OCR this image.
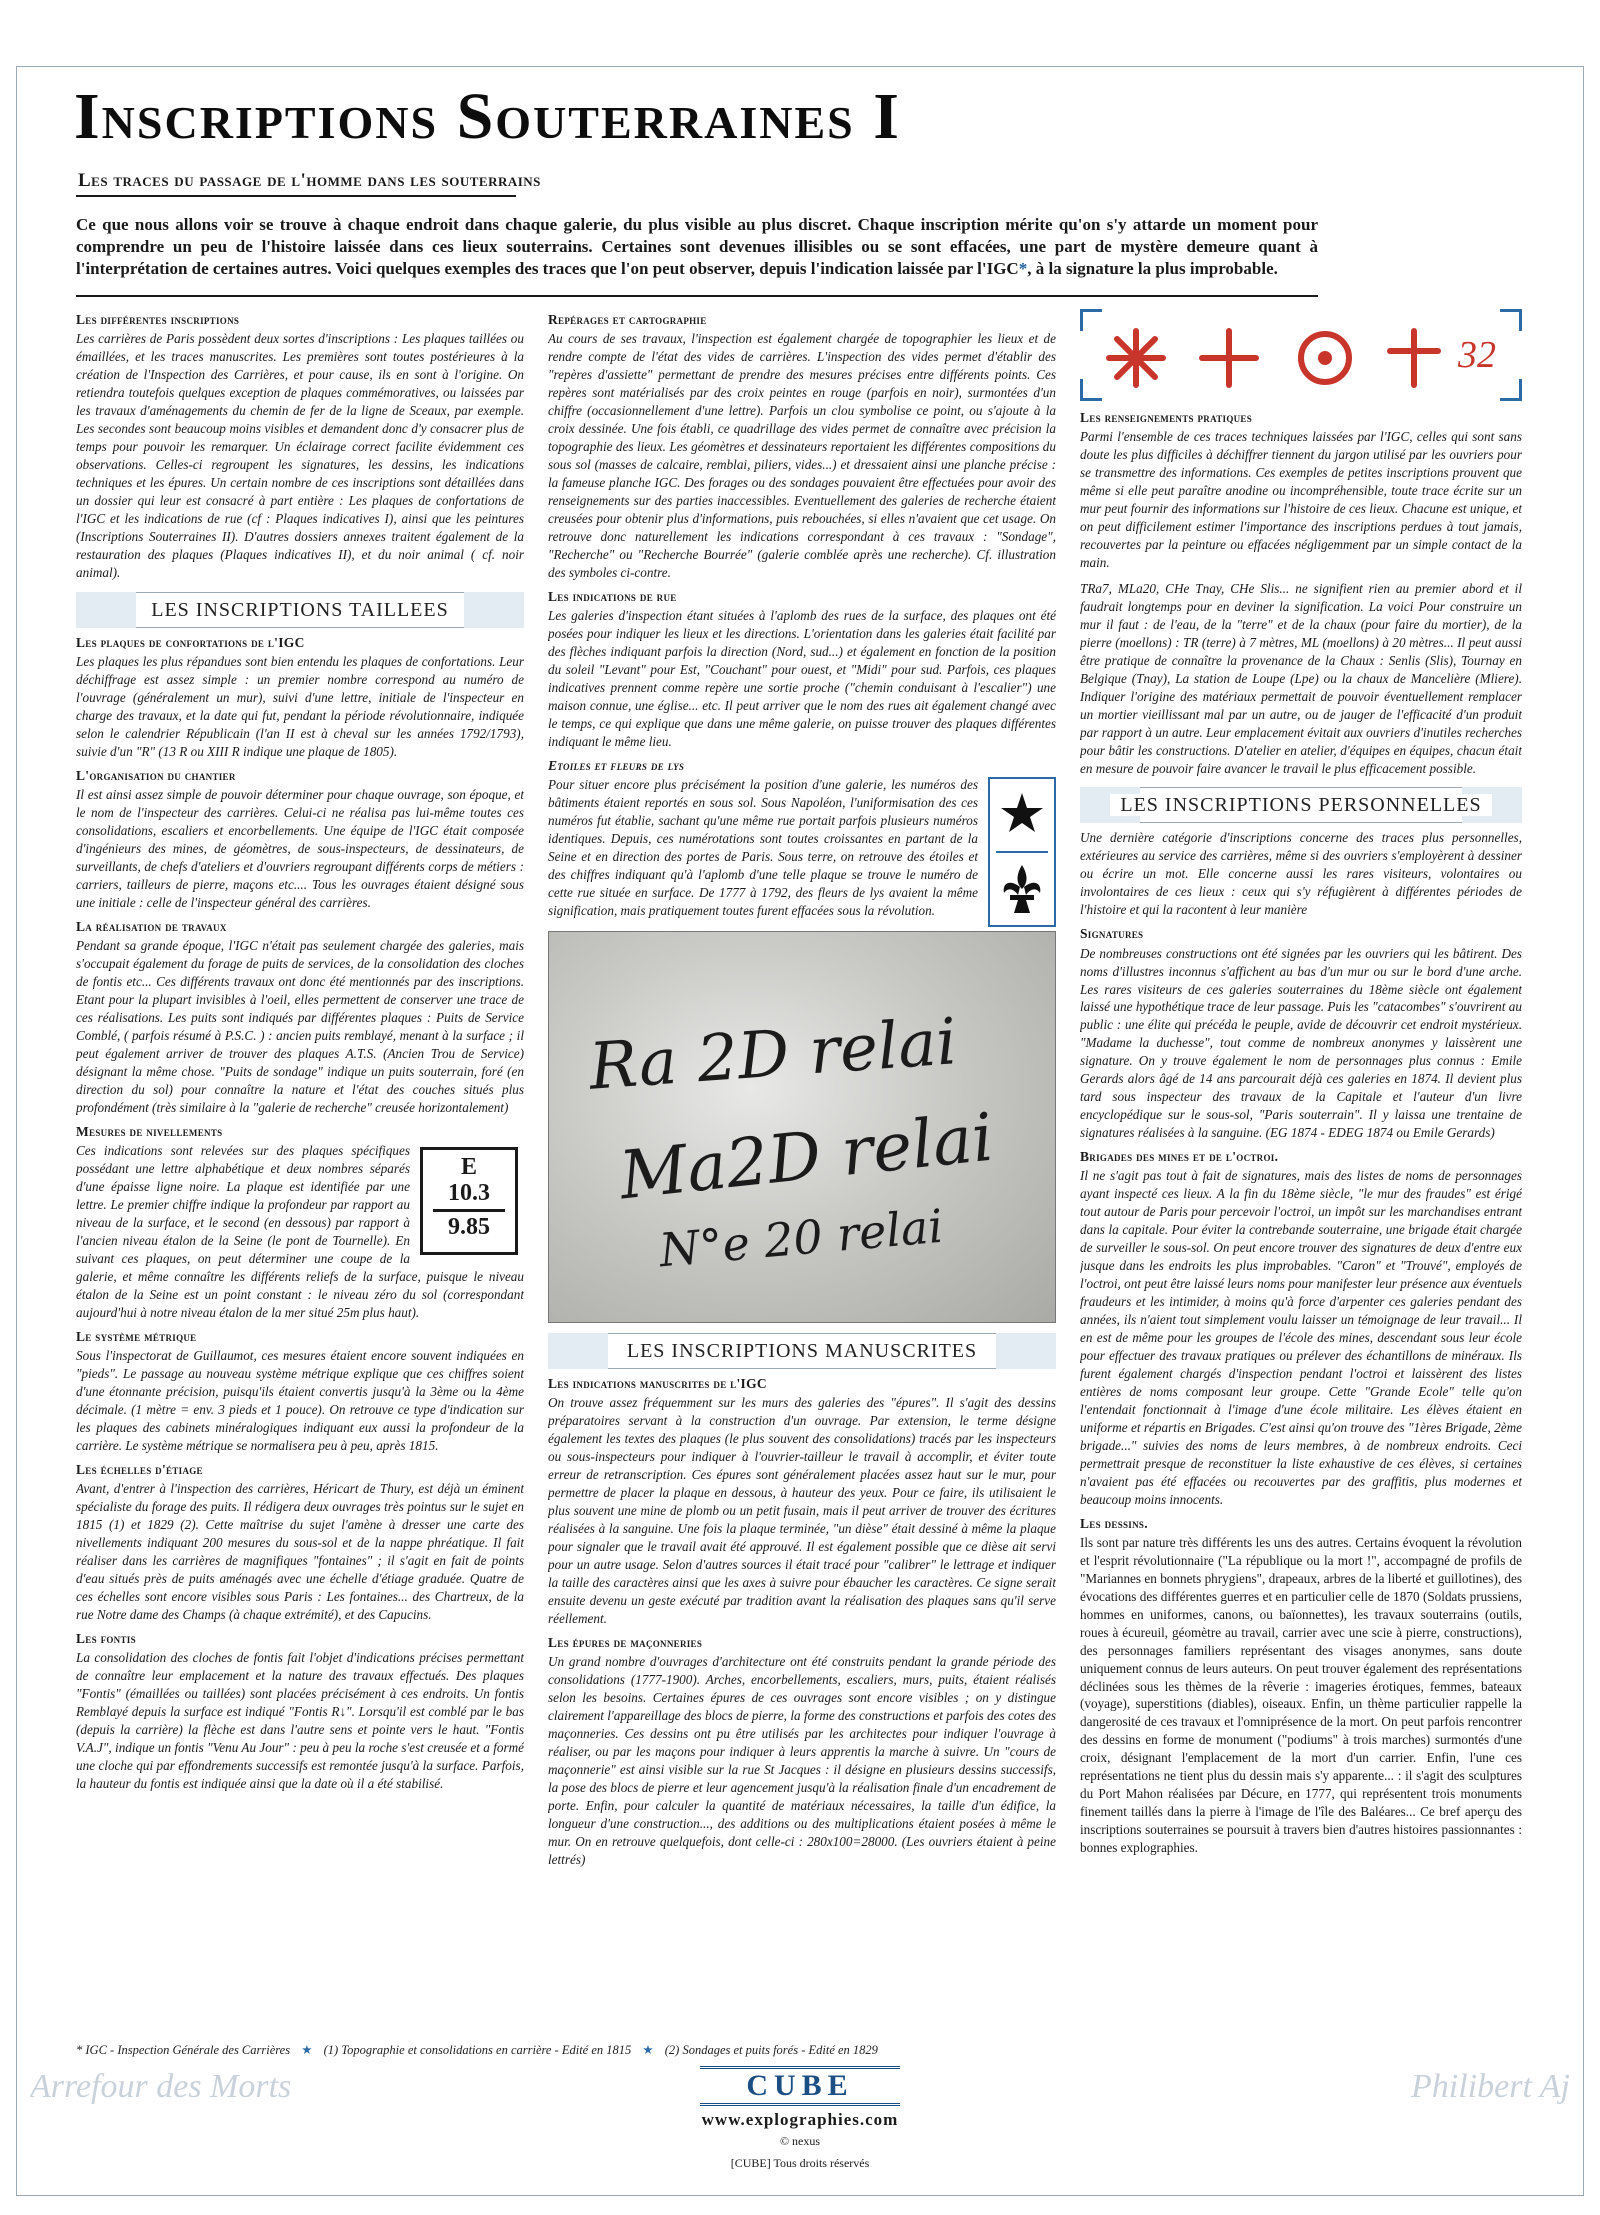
Inscriptions Souterraines I
Les traces du passage de l'homme dans les souterrains
Ce que nous allons voir se trouve à chaque endroit dans chaque galerie, du plus visible au plus discret. Chaque inscription mérite qu'on s'y attarde un moment pour comprendre un peu de l'histoire laissée dans ces lieux souterrains. Certaines sont devenues illisibles ou se sont effacées, une part de mystère demeure quant à l'interprétation de certaines autres. Voici quelques exemples des traces que l'on peut observer, depuis l'indication laissée par l'IGC*, à la signature la plus improbable.
Les différentes inscriptions
Les carrières de Paris possèdent deux sortes d'inscriptions : Les plaques taillées ou émaillées, et les traces manuscrites. Les premières sont toutes postérieures à la création de l'Inspection des Carrières, et pour cause, ils en sont à l'origine. On retiendra toutefois quelques exception de plaques commémoratives, ou laissées par les travaux d'aménagements du chemin de fer de la ligne de Sceaux, par exemple. Les secondes sont beaucoup moins visibles et demandent donc d'y consacrer plus de temps pour pouvoir les remarquer. Un éclairage correct facilite évidemment ces observations. Celles-ci regroupent les signatures, les dessins, les indications techniques et les épures. Un certain nombre de ces inscriptions sont détaillées dans un dossier qui leur est consacré à part entière : Les plaques de confortations de l'IGC et les indications de rue (cf : Plaques indicatives I), ainsi que les peintures (Inscriptions Souterraines II). D'autres dossiers annexes traitent également de la restauration des plaques (Plaques indicatives II), et du noir animal ( cf. noir animal).
LES INSCRIPTIONS TAILLEES
Les plaques de confortations de l'IGC
Les plaques les plus répandues sont bien entendu les plaques de confortations. Leur déchiffrage est assez simple : un premier nombre correspond au numéro de l'ouvrage (généralement un mur), suivi d'une lettre, initiale de l'inspecteur en charge des travaux, et la date qui fut, pendant la période révolutionnaire, indiquée selon le calendrier Républicain (l'an II est à cheval sur les années 1792/1793), suivie d'un "R" (13 R ou XIII R indique une plaque de 1805).
L'organisation du chantier
Il est ainsi assez simple de pouvoir déterminer pour chaque ouvrage, son époque, et le nom de l'inspecteur des carrières. Celui-ci ne réalisa pas lui-même toutes ces consolidations, escaliers et encorbellements. Une équipe de l'IGC était composée d'ingénieurs des mines, de géomètres, de sous-inspecteurs, de dessinateurs, de surveillants, de chefs d'ateliers et d'ouvriers regroupant différents corps de métiers : carriers, tailleurs de pierre, maçons etc.... Tous les ouvrages étaient désigné sous une initiale : celle de l'inspecteur général des carrières.
La réalisation de travaux
Pendant sa grande époque, l'IGC n'était pas seulement chargée des galeries, mais s'occupait également du forage de puits de services, de la consolidation des cloches de fontis etc... Ces différents travaux ont donc été mentionnés par des inscriptions. Etant pour la plupart invisibles à l'oeil, elles permettent de conserver une trace de ces réalisations. Les puits sont indiqués par différentes plaques : Puits de Service Comblé, ( parfois résumé à P.S.C. ) : ancien puits remblayé, menant à la surface ; il peut également arriver de trouver des plaques A.T.S. (Ancien Trou de Service) désignant la même chose. "Puits de sondage" indique un puits souterrain, foré (en direction du sol) pour connaître la nature et l'état des couches situés plus profondément (très similaire à la "galerie de recherche" creusée horizontalement)
Mesures de nivellements
E
10.3
9.85
Ces indications sont relevées sur des plaques spécifiques possédant une lettre alphabétique et deux nombres séparés d'une épaisse ligne noire. La plaque est identifiée par une lettre. Le premier chiffre indique la profondeur par rapport au niveau de la surface, et le second (en dessous) par rapport à l'ancien niveau étalon de la Seine (le pont de Tournelle). En suivant ces plaques, on peut déterminer une coupe de la galerie, et même connaître les différents reliefs de la surface, puisque le niveau étalon de la Seine est un point constant : le niveau zéro du sol (correspondant aujourd'hui à notre niveau étalon de la mer situé 25m plus haut).
Le système métrique
Sous l'inspectorat de Guillaumot, ces mesures étaient encore souvent indiquées en "pieds". Le passage au nouveau système métrique explique que ces chiffres soient d'une étonnante précision, puisqu'ils étaient convertis jusqu'à la 3ème ou la 4ème décimale. (1 mètre = env. 3 pieds et 1 pouce). On retrouve ce type d'indication sur les plaques des cabinets minéralogiques indiquant eux aussi la profondeur de la carrière. Le système métrique se normalisera peu à peu, après 1815.
Les échelles d'étiage
Avant, d'entrer à l'inspection des carrières, Héricart de Thury, est déjà un éminent spécialiste du forage des puits. Il rédigera deux ouvrages très pointus sur le sujet en 1815 (1) et 1829 (2). Cette maîtrise du sujet l'amène à dresser une carte des nivellements indiquant 200 mesures du sous-sol et de la nappe phréatique. Il fait réaliser dans les carrières de magnifiques "fontaines" ; il s'agit en fait de points d'eau situés près de puits aménagés avec une échelle d'étiage graduée. Quatre de ces échelles sont encore visibles sous Paris : Les fontaines... des Chartreux, de la rue Notre dame des Champs (à chaque extrémité), et des Capucins.
Les fontis
La consolidation des cloches de fontis fait l'objet d'indications précises permettant de connaître leur emplacement et la nature des travaux effectués. Des plaques "Fontis" (émaillées ou taillées) sont placées précisément à ces endroits. Un fontis Remblayé depuis la surface est indiqué "Fontis R↓". Lorsqu'il est comblé par le bas (depuis la carrière) la flèche est dans l'autre sens et pointe vers le haut. "Fontis V.A.J", indique un fontis "Venu Au Jour" : peu à peu la roche s'est creusée et a formé une cloche qui par effondrements successifs est remontée jusqu'à la surface. Parfois, la hauteur du fontis est indiquée ainsi que la date où il a été stabilisé.
Repérages et cartographie
Au cours de ses travaux, l'inspection est également chargée de topographier les lieux et de rendre compte de l'état des vides de carrières. L'inspection des vides permet d'établir des "repères d'assiette" permettant de prendre des mesures précises entre différents points. Ces repères sont matérialisés par des croix peintes en rouge (parfois en noir), surmontées d'un chiffre (occasionnellement d'une lettre). Parfois un clou symbolise ce point, ou s'ajoute à la croix dessinée. Une fois établi, ce quadrillage des vides permet de connaître avec précision la topographie des lieux. Les géomètres et dessinateurs reportaient les différentes compositions du sous sol (masses de calcaire, remblai, piliers, vides...) et dressaient ainsi une planche précise : la fameuse planche IGC. Des forages ou des sondages pouvaient être effectuées pour avoir des renseignements sur des parties inaccessibles. Eventuellement des galeries de recherche étaient creusées pour obtenir plus d'informations, puis rebouchées, si elles n'avaient que cet usage. On retrouve donc naturellement les indications correspondant à ces travaux : "Sondage", "Recherche" ou "Recherche Bourrée" (galerie comblée après une recherche). Cf. illustration des symboles ci-contre.
Les indications de rue
Les galeries d'inspection étant situées à l'aplomb des rues de la surface, des plaques ont été posées pour indiquer les lieux et les directions. L'orientation dans les galeries était facilité par des flèches indiquant parfois la direction (Nord, sud...) et également en fonction de la position du soleil "Levant" pour Est, "Couchant" pour ouest, et "Midi" pour sud. Parfois, ces plaques indicatives prennent comme repère une sortie proche ("chemin conduisant à l'escalier") une maison connue, une église... etc. Il peut arriver que le nom des rues ait également changé avec le temps, ce qui explique que dans une même galerie, on puisse trouver des plaques différentes indiquant le même lieu.
Etoiles et fleurs de lys
Pour situer encore plus précisément la position d'une galerie, les numéros des bâtiments étaient reportés en sous sol. Sous Napoléon, l'uniformisation des ces numéros fut établie, sachant qu'une même rue portait parfois plusieurs numéros identiques. Depuis, ces numérotations sont toutes croissantes en partant de la Seine et en direction des portes de Paris. Sous terre, on retrouve des étoiles et des chiffres indiquant qu'à l'aplomb d'une telle plaque se trouve le numéro de cette rue située en surface. De 1777 à 1792, des fleurs de lys avaient la même signification, mais pratiquement toutes furent effacées sous la révolution.
Ra 2D relai
Ma2D relai
N°e 20 relai
LES INSCRIPTIONS MANUSCRITES
Les indications manuscrites de l'IGC
On trouve assez fréquemment sur les murs des galeries des "épures". Il s'agit des dessins préparatoires servant à la construction d'un ouvrage. Par extension, le terme désigne également les textes des plaques (le plus souvent des consolidations) tracés par les inspecteurs ou sous-inspecteurs pour indiquer à l'ouvrier-tailleur le travail à accomplir, et éviter toute erreur de retranscription. Ces épures sont généralement placées assez haut sur le mur, pour permettre de placer la plaque en dessous, à hauteur des yeux. Pour ce faire, ils utilisaient le plus souvent une mine de plomb ou un petit fusain, mais il peut arriver de trouver des écritures réalisées à la sanguine. Une fois la plaque terminée, "un dièse" était dessiné à même la plaque pour signaler que le travail avait été approuvé. Il est également possible que ce dièse ait servi pour un autre usage. Selon d'autres sources il était tracé pour "calibrer" le lettrage et indiquer la taille des caractères ainsi que les axes à suivre pour ébaucher les caractères. Ce signe serait ensuite devenu un geste exécuté par tradition avant la réalisation des plaques sans qu'il serve réellement.
Les épures de maçonneries
Un grand nombre d'ouvrages d'architecture ont été construits pendant la grande période des consolidations (1777-1900). Arches, encorbellements, escaliers, murs, puits, étaient réalisés selon les besoins. Certaines épures de ces ouvrages sont encore visibles ; on y distingue clairement l'appareillage des blocs de pierre, la forme des constructions et parfois des cotes des maçonneries. Ces dessins ont pu être utilisés par les architectes pour indiquer l'ouvrage à réaliser, ou par les maçons pour indiquer à leurs apprentis la marche à suivre. Un "cours de maçonnerie" est ainsi visible sur la rue St Jacques : il désigne en plusieurs dessins successifs, la pose des blocs de pierre et leur agencement jusqu'à la réalisation finale d'un encadrement de porte. Enfin, pour calculer la quantité de matériaux nécessaires, la taille d'un édifice, la longueur d'une construction..., des additions ou des multiplications étaient posées à même le mur. On en retrouve quelquefois, dont celle-ci : 280x100=28000. (Les ouvriers étaient à peine lettrés)
32
Les renseignements pratiques
Parmi l'ensemble de ces traces techniques laissées par l'IGC, celles qui sont sans doute les plus difficiles à déchiffrer tiennent du jargon utilisé par les ouvriers pour se transmettre des informations. Ces exemples de petites inscriptions prouvent que même si elle peut paraître anodine ou incompréhensible, toute trace écrite sur un mur peut fournir des informations sur l'histoire de ces lieux. Chacune est unique, et on peut difficilement estimer l'importance des inscriptions perdues à tout jamais, recouvertes par la peinture ou effacées négligemment par un simple contact de la main.
TRa7, MLa20, CHe Tnay, CHe Slis... ne signifient rien au premier abord et il faudrait longtemps pour en deviner la signification. La voici Pour construire un mur il faut : de l'eau, de la "terre" et de la chaux (pour faire du mortier), de la pierre (moellons) : TR (terre) à 7 mètres, ML (moellons) à 20 mètres... Il peut aussi être pratique de connaître la provenance de la Chaux : Senlis (Slis), Tournay en Belgique (Tnay), La station de Loupe (Lpe) ou la chaux de Mancelière (Mliere). Indiquer l'origine des matériaux permettait de pouvoir éventuellement remplacer un mortier vieillissant mal par un autre, ou de jauger de l'efficacité d'un produit par rapport à un autre. Leur emplacement évitait aux ouvriers d'inutiles recherches pour bâtir les constructions. D'atelier en atelier, d'équipes en équipes, chacun était en mesure de pouvoir faire avancer le travail le plus efficacement possible.
LES INSCRIPTIONS PERSONNELLES
Une dernière catégorie d'inscriptions concerne des traces plus personnelles, extérieures au service des carrières, même si des ouvriers s'employèrent à dessiner ou écrire un mot. Elle concerne aussi les rares visiteurs, volontaires ou involontaires de ces lieux : ceux qui s'y réfugièrent à différentes périodes de l'histoire et qui la racontent à leur manière
Signatures
De nombreuses constructions ont été signées par les ouvriers qui les bâtirent. Des noms d'illustres inconnus s'affichent au bas d'un mur ou sur le bord d'une arche. Les rares visiteurs de ces galeries souterraines du 18ème siècle ont également laissé une hypothétique trace de leur passage. Puis les "catacombes" s'ouvrirent au public : une élite qui précéda le peuple, avide de découvrir cet endroit mystérieux. "Madame la duchesse", tout comme de nombreux anonymes y laissèrent une signature. On y trouve également le nom de personnages plus connus : Emile Gerards alors âgé de 14 ans parcourait déjà ces galeries en 1874. Il devient plus tard sous inspecteur des travaux de la Capitale et l'auteur d'un livre encyclopédique sur le sous-sol, "Paris souterrain". Il y laissa une trentaine de signatures réalisées à la sanguine. (EG 1874 - EDEG 1874 ou Emile Gerards)
Brigades des mines et de l'octroi.
Il ne s'agit pas tout à fait de signatures, mais des listes de noms de personnages ayant inspecté ces lieux. A la fin du 18ème siècle, "le mur des fraudes" est érigé tout autour de Paris pour percevoir l'octroi, un impôt sur les marchandises entrant dans la capitale. Pour éviter la contrebande souterraine, une brigade était chargée de surveiller le sous-sol. On peut encore trouver des signatures de deux d'entre eux jusque dans les endroits les plus improbables. "Caron" et "Trouvé", employés de l'octroi, ont peut être laissé leurs noms pour manifester leur présence aux éventuels fraudeurs et les intimider, à moins qu'à force d'arpenter ces galeries pendant des années, ils n'aient tout simplement voulu laisser un témoignage de leur travail... Il en est de même pour les groupes de l'école des mines, descendant sous leur école pour effectuer des travaux pratiques ou prélever des échantillons de minéraux. Ils furent également chargés d'inspection pendant l'octroi et laissèrent des listes entières de noms composant leur groupe. Cette "Grande Ecole" telle qu'on l'entendait fonctionnait à l'image d'une école militaire. Les élèves étaient en uniforme et répartis en Brigades. C'est ainsi qu'on trouve des "1ères Brigade, 2ème brigade..." suivies des noms de leurs membres, à de nombreux endroits. Ceci permettrait presque de reconstituer la liste exhaustive de ces élèves, si certaines n'avaient pas été effacées ou recouvertes par des graffitis, plus modernes et beaucoup moins innocents.
Les dessins.
Ils sont par nature très différents les uns des autres. Certains évoquent la révolution et l'esprit révolutionnaire ("La république ou la mort !", accompagné de profils de "Mariannes en bonnets phrygiens", drapeaux, arbres de la liberté et guillotines), des évocations des différentes guerres et en particulier celle de 1870 (Soldats prussiens, hommes en uniformes, canons, ou baïonnettes), les travaux souterrains (outils, roues à écureuil, géomètre au travail, carrier avec une scie à pierre, constructions), des personnages familiers représentant des visages anonymes, sans doute uniquement connus de leurs auteurs. On peut trouver également des représentations déclinées sous les thèmes de la rêverie : imageries érotiques, femmes, bateaux (voyage), superstitions (diables), oiseaux. Enfin, un thème particulier rappelle la dangerosité de ces travaux et l'omniprésence de la mort. On peut parfois rencontrer des dessins en forme de monument ("podiums" à trois marches) surmontés d'une croix, désignant l'emplacement de la mort d'un carrier. Enfin, l'une ces représentations ne tient plus du dessin mais s'y apparente... : il s'agit des sculptures du Port Mahon réalisées par Décure, en 1777, qui représentent trois monuments finement taillés dans la pierre à l'image de l'île des Baléares... Ce bref aperçu des inscriptions souterraines se poursuit à travers bien d'autres histoires passionnantes : bonnes explographies.
* IGC - Inspection Générale des Carrières ★ (1) Topographie et consolidations en carrière - Edité en 1815 ★ (2) Sondages et puits forés - Edité en 1829
Arrefour des Morts	Philibert Aj
CUBE
www.explographies.com
© nexus
[CUBE] Tous droits réservés
